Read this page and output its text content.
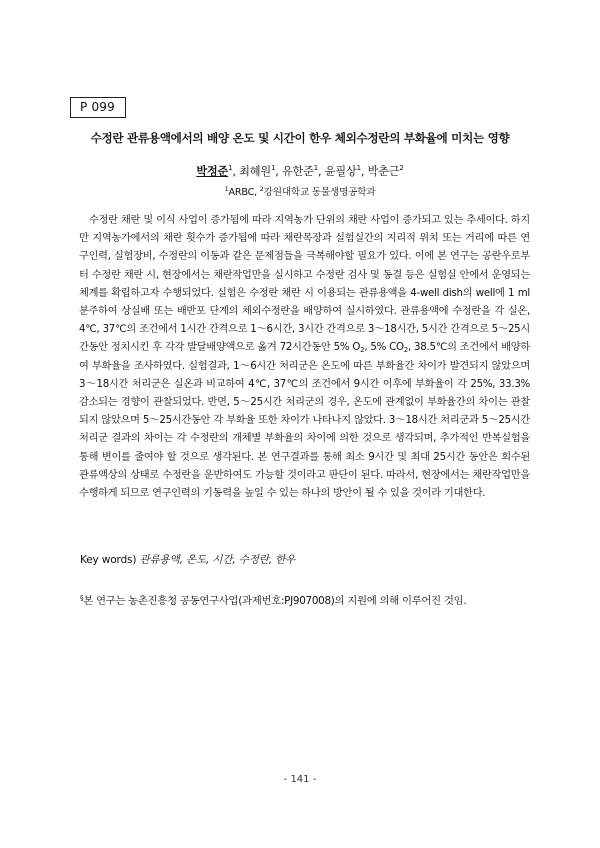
P 099
수정란 관류용액에서의 배양 온도 및 시간이 한우 체외수정란의 부화율에 미치는 영향
박정준$^1$, 최혜원$^1$, 유한준$^1$, 윤필상$^1$, 박춘근$^2$
$^1$ARBC, $^2$강원대학교 동물생명공학과
수정란 채란 및 이식 사업이 증가됨에 따라 지역농가 단위의 채란 사업이 증가되고 있는 추세이다. 하지만 지역농가에서의 채란 횟수가 증가됨에 따라 채란목장과 실험실간의 지리적 위치 또는 거리에 따른 연구인력, 실험장비, 수정란의 이동과 같은 문제점들을 극복해야할 필요가 있다. 이에 본 연구는 공란우로부터 수정란 채란 시, 현장에서는 채란작업만을 실시하고 수정란 검사 및 동결 등은 실험실 안에서 운영되는 체계를 확립하고자 수행되었다. 실험은 수정란 채란 시 이용되는 관류용액을 4-well dish의 well에 1 ml 분주하여 상실배 또는 배반포 단계의 체외수정란을 배양하여 실시하였다. 관류용액에 수정란을 각 실온, 4℃, 37℃의 조건에서 1시간 간격으로 1～6시간, 3시간 간격으로 3～18시간, 5시간 간격으로 5～25시간동안 정치시킨 후 각각 발달배양액으로 옮겨 72시간동안 5% $O_2$, 5% $CO_2$, 38.5℃의 조건에서 배양하여 부화율을 조사하였다. 실험결과, 1～6시간 처리군은 온도에 따른 부화율간 차이가 발견되지 않았으며 3～18시간 처리군은 실온과 비교하여 4℃, 37℃의 조건에서 9시간 이후에 부화율이 각 25%, 33.3% 감소되는 경향이 관찰되었다. 반면, 5～25시간 처리군의 경우, 온도에 관계없이 부화율간의 차이는 관찰되지 않았으며 5～25시간동안 각 부화율 또한 차이가 나타나지 않았다. 3～18시간 처리군과 5～25시간 처리군 결과의 차이는 각 수정란의 개체별 부화율의 차이에 의한 것으로 생각되며, 추가적인 반복실험을 통해 변이를 줄여야 할 것으로 생각된다. 본 연구결과를 통해 최소 9시간 및 최대 25시간 동안은 회수된 관류액상의 상태로 수정란을 운반하여도 가능할 것이라고 판단이 된다. 따라서, 현장에서는 채란작업만을 수행하게 되므로 연구인력의 기동력을 높일 수 있는 하나의 방안이 될 수 있을 것이라 기대한다.
Key words) 관류용액, 온도, 시간, 수정란, 한우
§본 연구는 농촌진흥청 공동연구사업(과제번호:PJ907008)의 지원에 의해 이루어진 것임.
- 141 -
